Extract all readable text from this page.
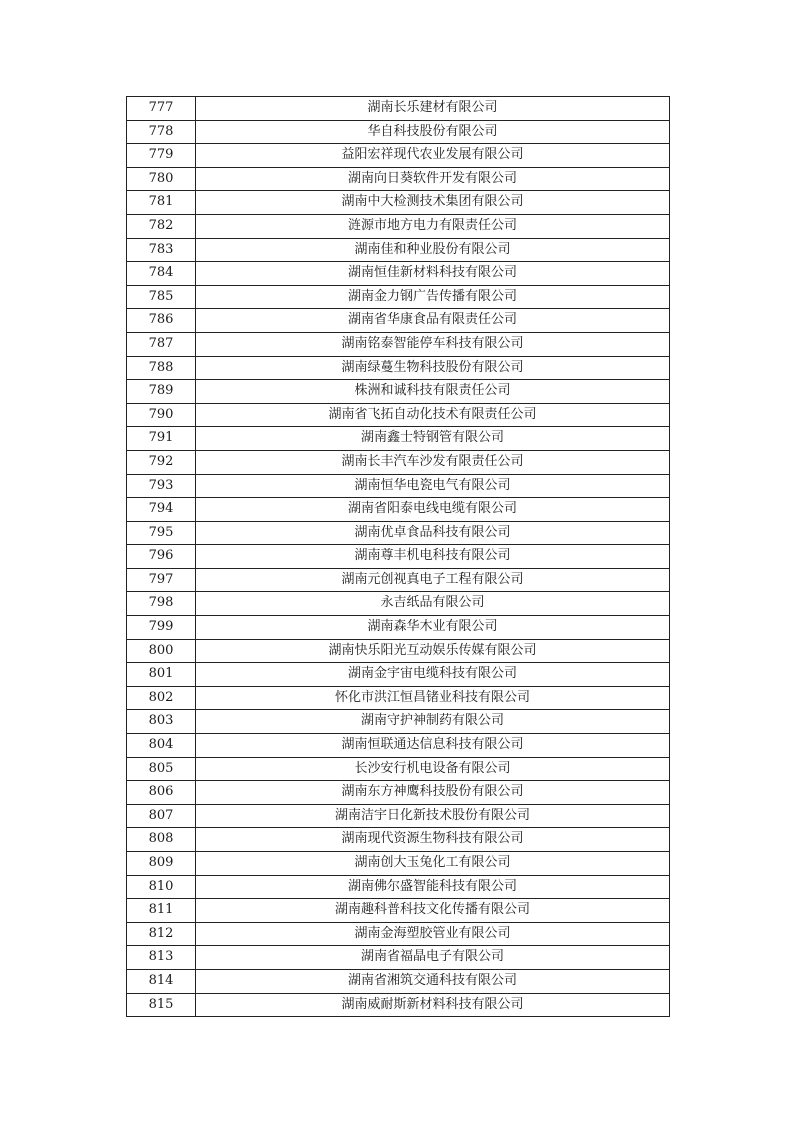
777	湖南长乐建材有限公司
778	华自科技股份有限公司
779	益阳宏祥现代农业发展有限公司
780	湖南向日葵软件开发有限公司
781	湖南中大检测技术集团有限公司
782	涟源市地方电力有限责任公司
783	湖南佳和种业股份有限公司
784	湖南恒佳新材料科技有限公司
785	湖南金力钢广告传播有限公司
786	湖南省华康食品有限责任公司
787	湖南铭泰智能停车科技有限公司
788	湖南绿蔓生物科技股份有限公司
789	株洲和诚科技有限责任公司
790	湖南省飞拓自动化技术有限责任公司
791	湖南鑫士特钢管有限公司
792	湖南长丰汽车沙发有限责任公司
793	湖南恒华电瓷电气有限公司
794	湖南省阳泰电线电缆有限公司
795	湖南优卓食品科技有限公司
796	湖南尊丰机电科技有限公司
797	湖南元创视真电子工程有限公司
798	永吉纸品有限公司
799	湖南森华木业有限公司
800	湖南快乐阳光互动娱乐传媒有限公司
801	湖南金宇宙电缆科技有限公司
802	怀化市洪江恒昌锗业科技有限公司
803	湖南守护神制药有限公司
804	湖南恒联通达信息科技有限公司
805	长沙安行机电设备有限公司
806	湖南东方神鹰科技股份有限公司
807	湖南洁宇日化新技术股份有限公司
808	湖南现代资源生物科技有限公司
809	湖南创大玉兔化工有限公司
810	湖南佛尔盛智能科技有限公司
811	湖南趣科普科技文化传播有限公司
812	湖南金海塑胶管业有限公司
813	湖南省福晶电子有限公司
814	湖南省湘筑交通科技有限公司
815	湖南威耐斯新材料科技有限公司
